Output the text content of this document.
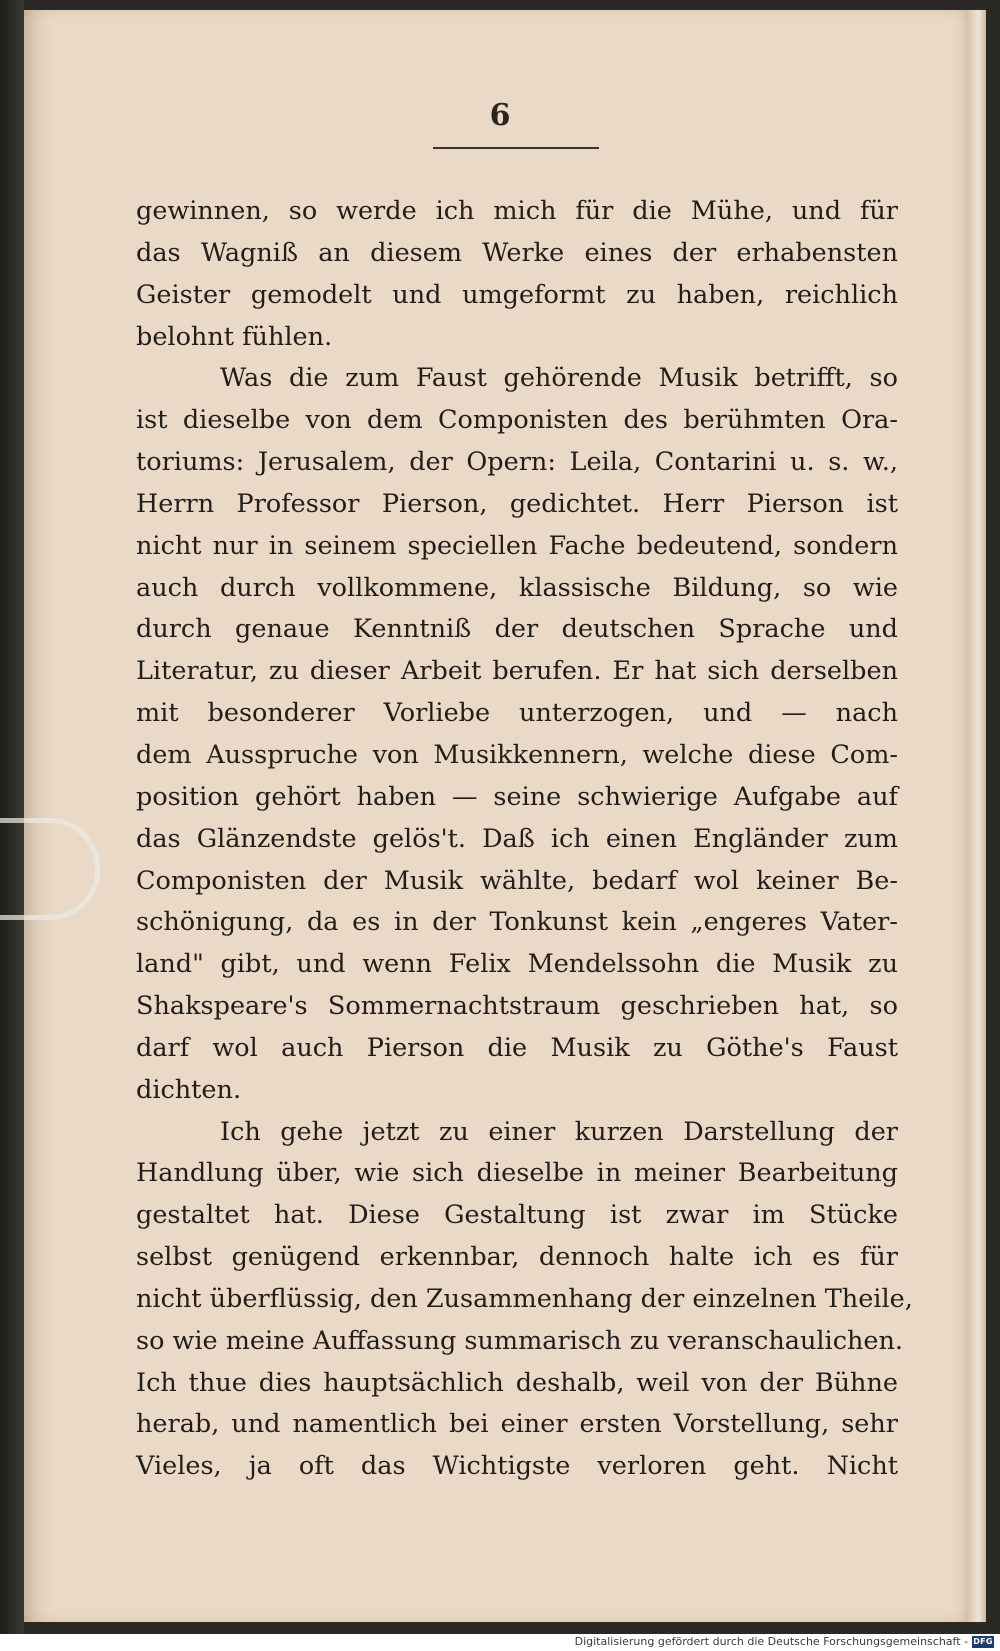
6

gewinnen, so werde ich mich für die Mühe, und für
das Wagniß an diesem Werke eines der erhabensten
Geister gemodelt und umgeformt zu haben, reichlich
belohnt fühlen.

Was die zum Faust gehörende Musik betrifft, so
ist dieselbe von dem Componisten des berühmten Ora-
toriums: Jerusalem, der Opern: Leila, Contarini u. s. w.,
Herrn Professor Pierson, gedichtet. Herr Pierson ist
nicht nur in seinem speciellen Fache bedeutend, sondern
auch durch vollkommene, klassische Bildung, so wie
durch genaue Kenntniß der deutschen Sprache und
Literatur, zu dieser Arbeit berufen. Er hat sich derselben
mit besonderer Vorliebe unterzogen, und — nach
dem Ausspruche von Musikkennern, welche diese Com-
position gehört haben — seine schwierige Aufgabe auf
das Glänzendste gelös't. Daß ich einen Engländer zum
Componisten der Musik wählte, bedarf wol keiner Be-
schönigung, da es in der Tonkunst kein „engeres Vater-
land" gibt, und wenn Felix Mendelssohn die Musik zu
Shakspeare's Sommernachtstraum geschrieben hat, so
darf wol auch Pierson die Musik zu Göthe's Faust
dichten.

Ich gehe jetzt zu einer kurzen Darstellung der
Handlung über, wie sich dieselbe in meiner Bearbeitung
gestaltet hat. Diese Gestaltung ist zwar im Stücke
selbst genügend erkennbar, dennoch halte ich es für
nicht überflüssig, den Zusammenhang der einzelnen Theile,
so wie meine Auffassung summarisch zu veranschaulichen.
Ich thue dies hauptsächlich deshalb, weil von der Bühne
herab, und namentlich bei einer ersten Vorstellung, sehr
Vieles, ja oft das Wichtigste verloren geht. Nicht

Digitalisierung gefördert durch die Deutsche Forschungsgemeinschaft - DFG
